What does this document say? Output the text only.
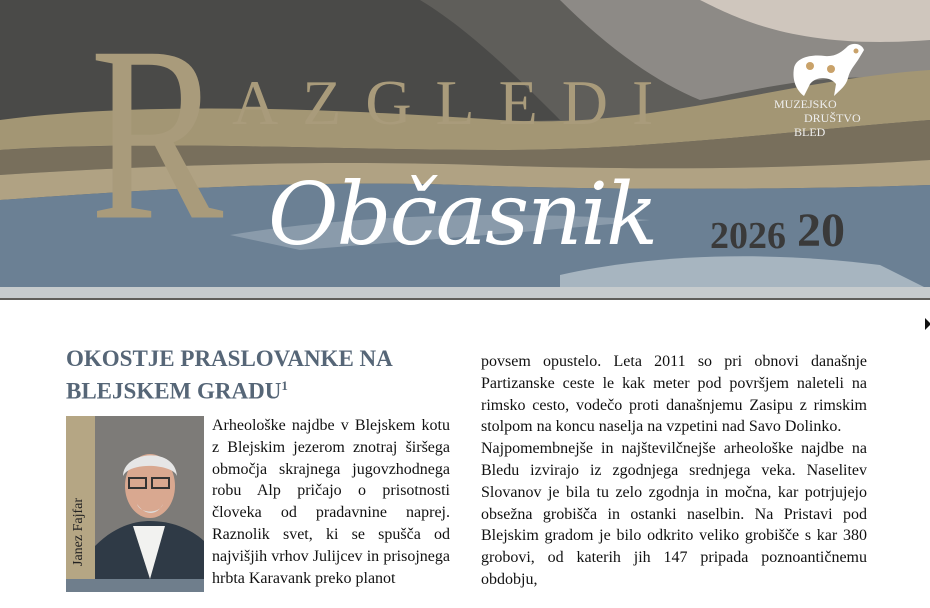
R AZGLEDI
Občasnik 2026 20
MUZEJSKO
DRUŠTVO
BLED
OKOSTJE PRASLOVANKE NA BLEJSKEM GRADU$^1$
Janez Fajfar
Arheološke najdbe v Blejskem kotu z Blejskim jezerom znotraj širšega območja skrajnega jugovzhodnega robu Alp pričajo o prisotnosti človeka od pradavnine naprej. Raznolik svet, ki se spušča od najvišjih vrhov Julijcev in prisojnega hrbta Karavank preko planot

povsem opustelo. Leta 2011 so pri obnovi današnje Partizanske ceste le kak meter pod površjem naleteli na rimsko cesto, vodečo proti današnjemu Zasipu z rimskim stolpom na koncu naselja na vzpetini nad Savo Dolinko.

Najpomembnejše in najštevilčnejše arheološke najdbe na Bledu izvirajo iz zgodnjega srednjega veka. Naselitev Slovanov je bila tu zelo zgodnja in močna, kar potrjujejo obsežna grobišča in ostanki naselbin. Na Pristavi pod Blejskim gradom je bilo odkrito veliko grobišče s kar 380 grobovi, od katerih jih 147 pripada poznoantičnemu obdobju,
